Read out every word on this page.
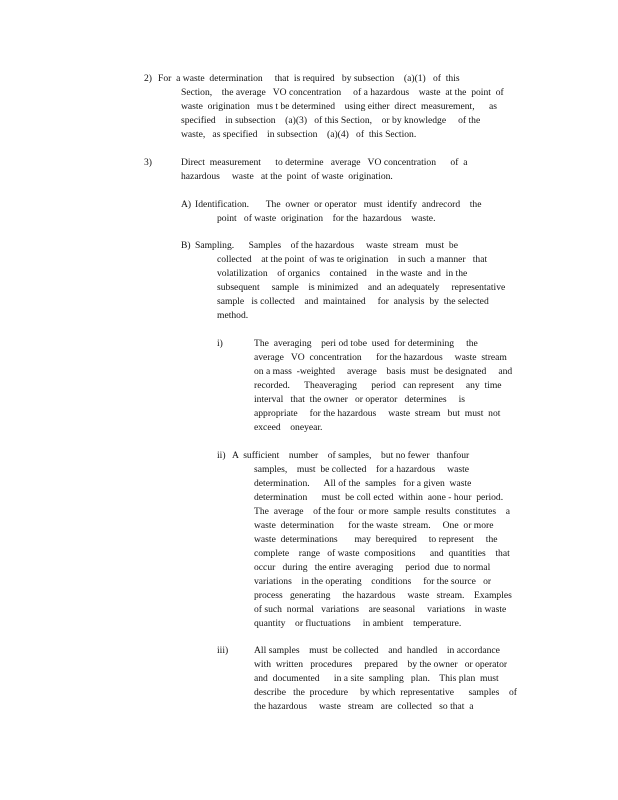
2) For  a waste  determination     that  is required   by subsection    (a)(1)   of  this
Section,    the average   VO concentration     of a hazardous    waste  at the  point  of
waste  origination   mus t be determined    using either  direct  measurement,      as
specified    in subsection    (a)(3)   of this Section,    or by knowledge     of the
waste,   as specified    in subsection    (a)(4)   of  this Section.
3)	Direct  measurement      to determine   average   VO concentration      of  a
hazardous     waste   at the  point  of waste  origination.
A) Identification.       The  owner  or operator   must  identify  andrecord    the
point   of waste  origination    for the  hazardous    waste.
B) Sampling.      Samples    of the hazardous     waste  stream   must  be
collected    at the point  of was te origination    in such  a manner   that
volatilization    of organics    contained    in the waste  and  in the
subsequent     sample    is minimized    and  an adequately     representative
sample   is collected    and  maintained     for  analysis  by  the selected
method.
i)	The  averaging    peri od tobe  used  for determining     the
average   VO  concentration      for the hazardous     waste  stream
on a mass  -weighted     average    basis  must  be designated     and
recorded.      Theaveraging      period   can represent     any  time
interval   that  the owner   or operator   determines     is
appropriate     for the hazardous     waste  stream   but  must  not
exceed    oneyear.
ii) A  sufficient    number    of samples,    but no fewer   thanfour
samples,    must  be collected    for a hazardous     waste
determination.      All of the  samples   for a given  waste
determination      must  be coll ected  within  aone - hour  period.
The  average    of the four  or more  sample  results  constitutes    a
waste  determination      for the waste  stream.     One  or more
waste  determinations       may  berequired     to represent     the
complete    range   of waste  compositions      and  quantities    that
occur   during   the entire  averaging     period  due  to normal
variations    in the operating    conditions     for the source   or
process   generating     the hazardous     waste   stream.    Examples
of such  normal   variations    are seasonal     variations    in waste
quantity    or fluctuations     in ambient    temperature.
iii)	All samples    must  be collected    and  handled    in accordance
with  written   procedures     prepared    by the owner   or operator
and  documented      in a site  sampling   plan.    This plan  must
describe   the  procedure     by which  representative      samples    of
the hazardous     waste   stream   are  collected   so that  a
